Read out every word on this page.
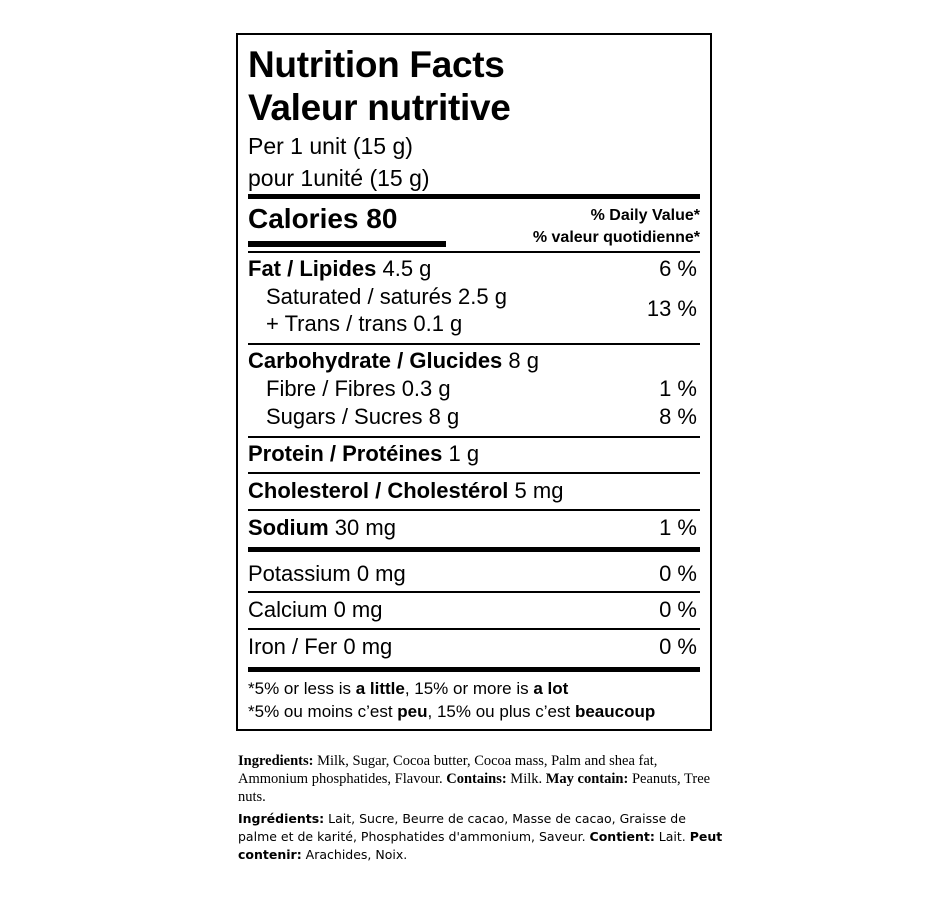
Nutrition Facts
Valeur nutritive
Per 1 unit (15 g)
pour 1unité (15 g)
Calories 80	% Daily Value*
% valeur quotidienne*
Fat / Lipides 4.5 g	6 %
Saturated / saturés 2.5 g	13 %
+ Trans / trans 0.1 g
Carbohydrate / Glucides 8 g
Fibre / Fibres 0.3 g	1 %
Sugars / Sucres 8 g	8 %
Protein / Protéines 1 g
Cholesterol / Cholestérol 5 mg
Sodium 30 mg	1 %
Potassium 0 mg	0 %
Calcium 0 mg	0 %
Iron / Fer 0 mg	0 %
*5% or less is a little, 15% or more is a lot
*5% ou moins c’est peu, 15% ou plus c’est beaucoup

Ingredients: Milk, Sugar, Cocoa butter, Cocoa mass, Palm and shea fat, Ammonium phosphatides, Flavour. Contains: Milk. May contain: Peanuts, Tree nuts.

Ingrédients: Lait, Sucre, Beurre de cacao, Masse de cacao, Graisse de palme et de karité, Phosphatides d'ammonium, Saveur. Contient: Lait. Peut contenir: Arachides, Noix.
